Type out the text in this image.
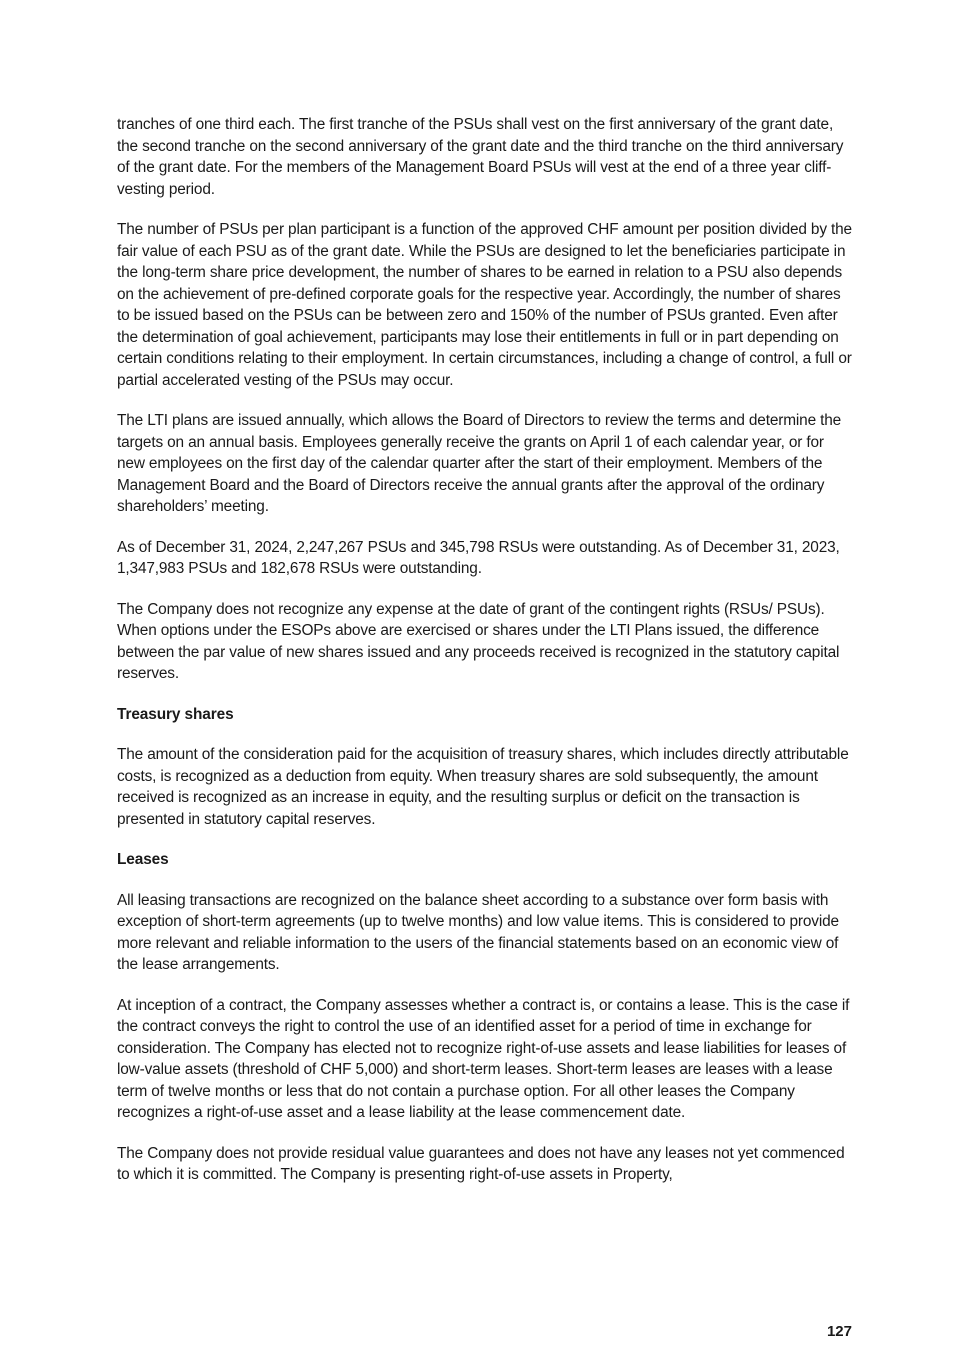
tranches of one third each. The first tranche of the PSUs shall vest on the first anniversary of the grant date, the second tranche on the second anniversary of the grant date and the third tranche on the third anniversary of the grant date. For the members of the Management Board PSUs will vest at the end of a three year cliff-vesting period.

The number of PSUs per plan participant is a function of the approved CHF amount per position divided by the fair value of each PSU as of the grant date. While the PSUs are designed to let the beneficiaries participate in the long-term share price development, the number of shares to be earned in relation to a PSU also depends on the achievement of pre-defined corporate goals for the respective year. Accordingly, the number of shares to be issued based on the PSUs can be between zero and 150% of the number of PSUs granted. Even after the determination of goal achievement, participants may lose their entitlements in full or in part depending on certain conditions relating to their employment. In certain circumstances, including a change of control, a full or partial accelerated vesting of the PSUs may occur.

The LTI plans are issued annually, which allows the Board of Directors to review the terms and determine the targets on an annual basis. Employees generally receive the grants on April 1 of each calendar year, or for new employees on the first day of the calendar quarter after the start of their employment. Members of the Management Board and the Board of Directors receive the annual grants after the approval of the ordinary shareholders’ meeting.

As of December 31, 2024, 2,247,267 PSUs and 345,798 RSUs were outstanding. As of December 31, 2023, 1,347,983 PSUs and 182,678 RSUs were outstanding.

The Company does not recognize any expense at the date of grant of the contingent rights (RSUs/ PSUs). When options under the ESOPs above are exercised or shares under the LTI Plans issued, the difference between the par value of new shares issued and any proceeds received is recognized in the statutory capital reserves.

Treasury shares

The amount of the consideration paid for the acquisition of treasury shares, which includes directly attributable costs, is recognized as a deduction from equity. When treasury shares are sold subsequently, the amount received is recognized as an increase in equity, and the resulting surplus or deficit on the transaction is presented in statutory capital reserves.

Leases

All leasing transactions are recognized on the balance sheet according to a substance over form basis with exception of short-term agreements (up to twelve months) and low value items. This is considered to provide more relevant and reliable information to the users of the financial statements based on an economic view of the lease arrangements.

At inception of a contract, the Company assesses whether a contract is, or contains a lease. This is the case if the contract conveys the right to control the use of an identified asset for a period of time in exchange for consideration. The Company has elected not to recognize right-of-use assets and lease liabilities for leases of low-value assets (threshold of CHF 5,000) and short-term leases. Short-term leases are leases with a lease term of twelve months or less that do not contain a purchase option. For all other leases the Company recognizes a right-of-use asset and a lease liability at the lease commencement date.

The Company does not provide residual value guarantees and does not have any leases not yet commenced to which it is committed. The Company is presenting right-of-use assets in Property,

127
